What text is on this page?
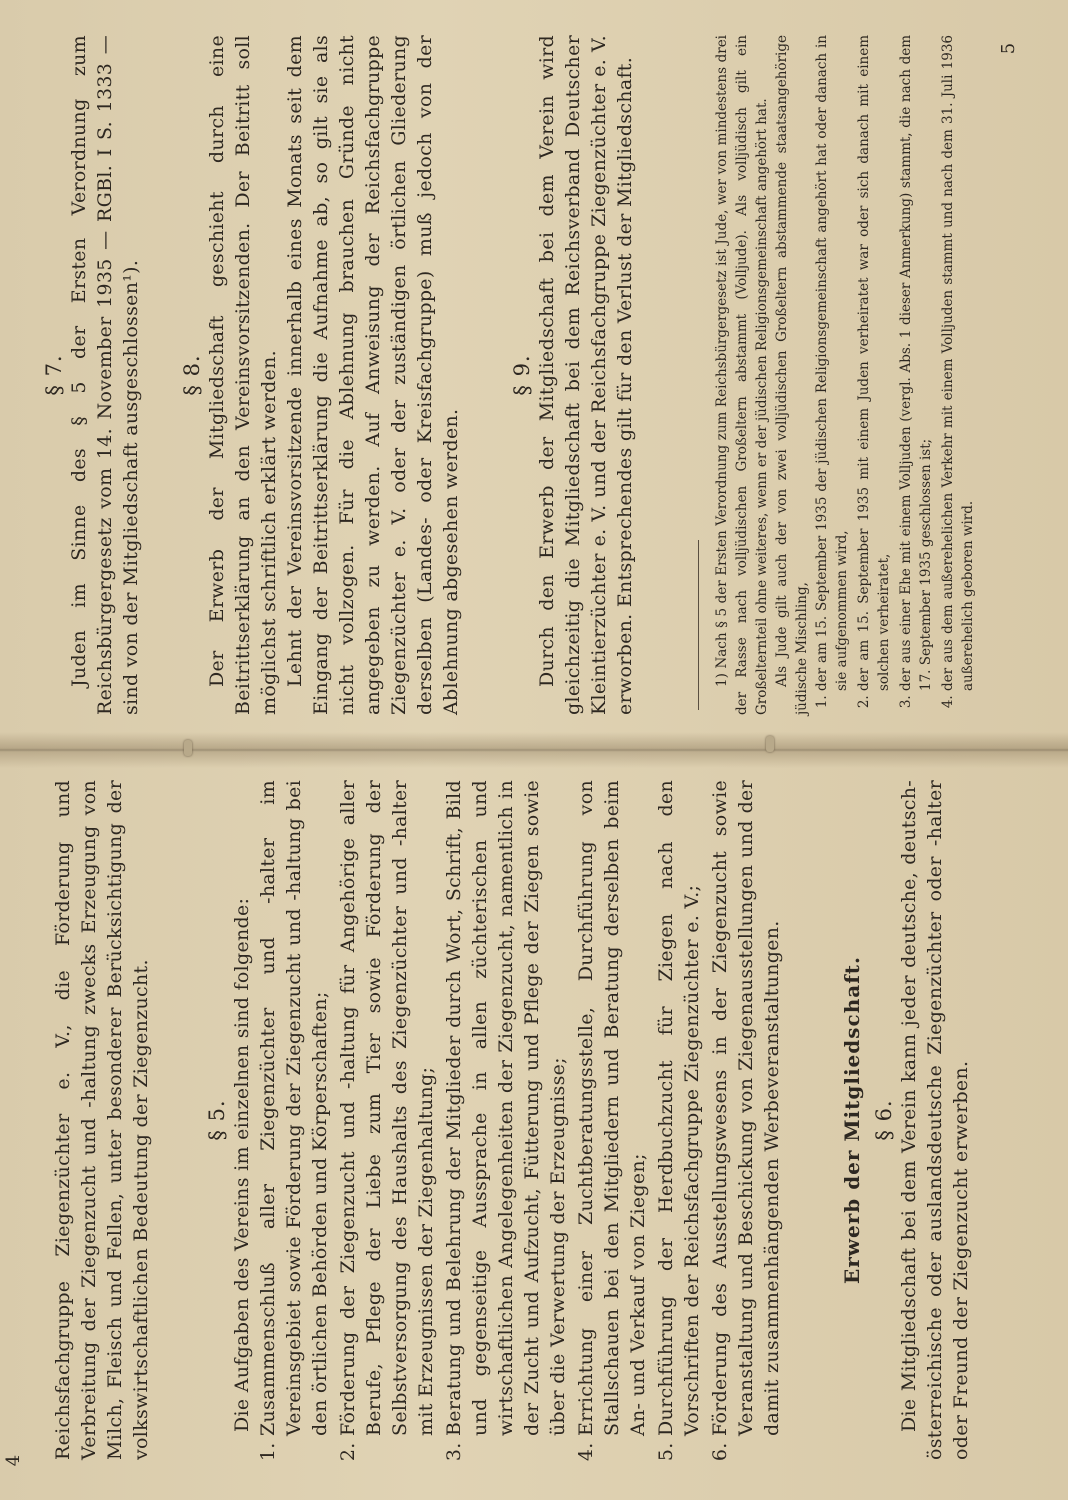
§ 7. Juden im Sinne des § 5 der Ersten Verordnung zum Reichsbürgergesetz vom 14. November 1935 — RGBl. I S. 1333 — sind von der Mitgliedschaft ausgeschlossen¹). § 8. Der Erwerb der Mitgliedschaft geschieht durch eine Beitrittserklärung an den Vereinsvorsitzenden. Der Beitritt soll möglichst schriftlich erklärt werden. Lehnt der Vereinsvorsitzende innerhalb eines Monats seit dem Eingang der Beitrittserklärung die Aufnahme ab, so gilt sie als nicht vollzogen. Für die Ablehnung brauchen Gründe nicht angegeben zu werden. Auf Anweisung der Reichsfachgruppe Ziegenzüchter e. V. oder der zuständigen örtlichen Gliederung derselben (Landes- oder Kreisfachgruppe) muß jedoch von der Ablehnung abgesehen werden.

§ 9. Durch den Erwerb der Mitgliedschaft bei dem Verein wird gleichzeitig die Mitgliedschaft bei dem Reichsverband Deutscher Kleintierzüchter e. V. und der Reichsfachgruppe Ziegenzüchter e. V. erworben. Entsprechendes gilt für den Verlust der Mitgliedschaft.	1) Nach § 5 der Ersten Verordnung zum Reichsbürgergesetz ist Jude, wer von mindestens drei der Rasse nach volljüdischen Großeltern abstammt (Volljude). Als volljüdisch gilt ein Großelternteil ohne weiteres, wenn er der jüdischen Religionsgemeinschaft angehört hat. Als Jude gilt auch der von zwei volljüdischen Großeltern abstammende staatsangehörige jüdische Mischling, 1. der am 15. September 1935 der jüdischen Religionsgemeinschaft angehört hat oder danach in sie aufgenommen wird, 2. der am 15. September 1935 mit einem Juden verheiratet war oder sich danach mit einem solchen verheiratet, 3. der aus einer Ehe mit einem Volljuden (vergl. Abs. 1 dieser Anmerkung) stammt, die nach dem 17. September 1935 geschlossen ist; 4. der aus dem außerehelichen Verkehr mit einem Volljuden stammt und nach dem 31. Juli 1936 außerehelich geboren wird.
5

Reichsfachgruppe Ziegenzüchter e. V., die Förderung und Verbreitung der Ziegenzucht und -haltung zwecks Erzeugung von Milch, Fleisch und Fellen, unter besonderer Berücksichtigung der volkswirtschaftlichen Bedeutung der Ziegenzucht.	§ 5. Die Aufgaben des Vereins im einzelnen sind folgende: 1. Zusammenschluß aller Ziegenzüchter und -halter im Vereinsgebiet sowie Förderung der Ziegenzucht und -haltung bei den örtlichen Behörden und Körperschaften; 2. Förderung der Ziegenzucht und -haltung für Angehörige aller Berufe, Pflege der Liebe zum Tier sowie Förderung der Selbstversorgung des Haushalts des Ziegenzüchter und -halter mit Erzeugnissen der Ziegenhaltung; 3. Beratung und Belehrung der Mitglieder durch Wort, Schrift, Bild und gegenseitige Aussprache in allen züchterischen und wirtschaftlichen Angelegenheiten der Ziegenzucht, namentlich in der Zucht und Aufzucht, Fütterung und Pflege der Ziegen sowie über die Verwertung der Erzeugnisse; 4. Errichtung einer Zuchtberatungsstelle, Durchführung von Stallschauen bei den Mitgliedern und Beratung derselben beim An- und Verkauf von Ziegen; 5. Durchführung der Herdbuchzucht für Ziegen nach den Vorschriften der Reichsfachgruppe Ziegenzüchter e. V.; 6. Förderung des Ausstellungswesens in der Ziegenzucht sowie Veranstaltung und Beschickung von Ziegenausstellungen und der damit zusammenhängenden Werbeveranstaltungen.	Erwerb der Mitgliedschaft. § 6. Die Mitgliedschaft bei dem Verein kann jeder deutsche, deutsch-österreichische oder auslandsdeutsche Ziegenzüchter oder -halter oder Freund der Ziegenzucht erwerben.

4
